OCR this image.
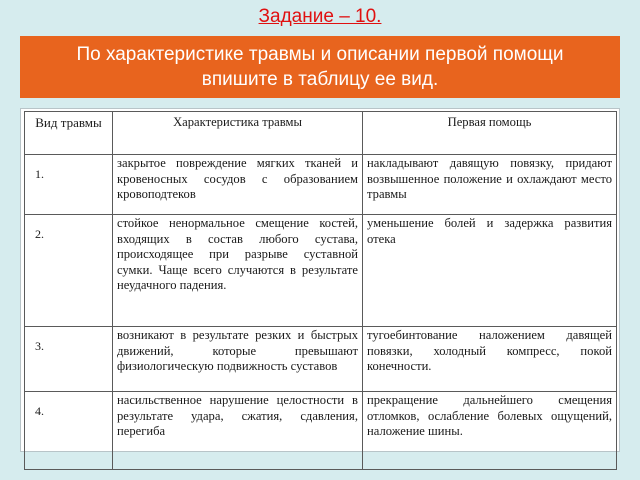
Задание – 10.
По характеристике травмы и описании первой помощи впишите в таблицу ее вид.
Вид травмы	Характеристика травмы	Первая помощь
1.	закрытое повреждение мягких тканей и кровеносных сосудов с образованием кровоподтеков	накладывают давящую повязку, придают возвышенное положение и охлаждают место травмы
2.	стойкое ненормальное смещение костей, входящих в состав любого сустава, происходящее при разрыве суставной сумки. Чаще всего случаются в результате неудачного падения.	уменьшение болей и задержка развития отека
3.	возникают в результате резких и быстрых движений, которые превышают физиологическую подвижность суставов	тугоебинтование наложением давящей повязки, холодный компресс, покой конечности.
4.	насильственное нарушение целостности в результате удара, сжатия, сдавления, перегиба	прекращение дальнейшего смещения отломков, ослабление болевых ощущений, наложение шины.
